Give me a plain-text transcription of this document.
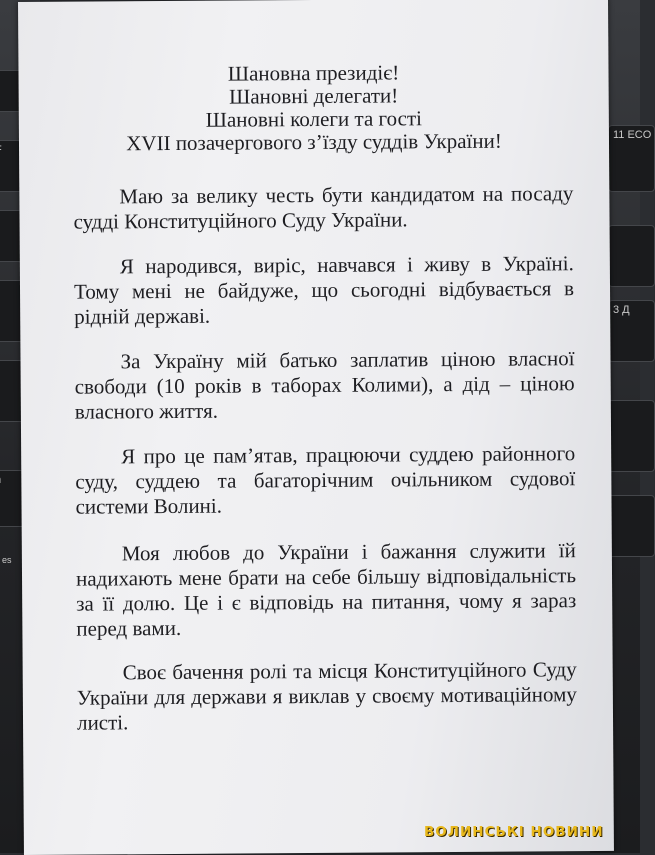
es
11 ECO
3 Д
Шановна президіє!
Шановні делегати!
Шановні колеги та гості
XVII позачергового з’їзду суддів України!
Маю за велику честь бути кандидатом на посаду судді Конституційного Суду України.
Я народився, виріс, навчався і живу в Україні. Тому мені не байдуже, що сьогодні відбувається в рідній державі.
За Україну мій батько заплатив ціною власної свободи (10 років в таборах Колими), а дід – ціною власного життя.
Я про це пам’ятав, працюючи суддею районного суду, суддею та багаторічним очільником судової системи Волині.
Моя любов до України і бажання служити їй надихають мене брати на себе більшу відповідальність за її долю. Це і є відповідь на питання, чому я зараз перед вами.
Своє бачення ролі та місця Конституційного Суду України для держави я виклав у своєму мотиваційному листі.
ВОЛИНСЬКІ НОВИНИ
